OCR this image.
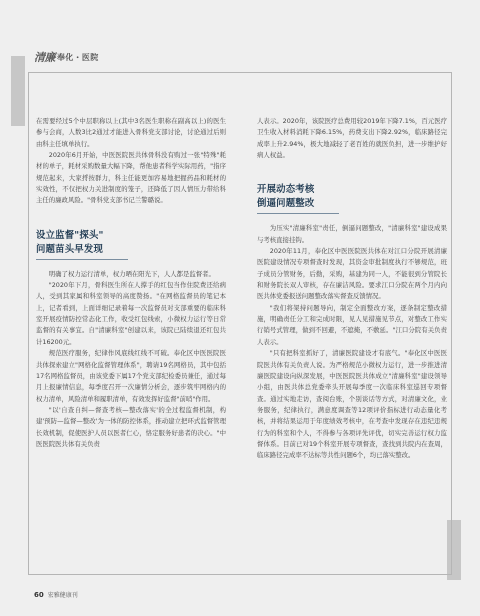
清廉 奉化・医院

在需要经过5个中层职称以上(其中3名医生职称在副高以上)的医生参与会商，人数3比2通过才能进入骨科党支部讨论，讨论通过后则由科主任填单执行。

2020年6月开始，中医医院医共体骨科没有购过一张"特殊"耗材的单子，耗材采购数量大幅下降，帮他患者科学实际用药，"指序规范起来，大家捋按群力，科主任能更加容易地把握药品和耗材的实效性，不仅把权力关进制度的笼子，还降低了因人情压力带给科主任的廉政风险。"骨科党支部书记兰警璐说。

设立监督"探头"
问题苗头早发现

明确了权力运行清单，权力晒在阳光下，人人都是监督者。

"2020年下月，骨科医生所在人撑手的红包当作住院费还给病人，受到其家属和科室领导的高度赞扬。"在网格监督员的笔记本上，记者看到，上面详细记录着每一次监督员对支部重要的临床科室开展疫情防控常态化工作，收受红包线索，小微权力运行等日常监督的有关事宜。自"清廉科室"创建以来，该院已陆续退还红包共计16200元。

规范医疗服务，纪律作风底线红线不可破。奉化区中医医院医共体探索建立"网格化监督管理体系"，聘请19名网格员，其中包括17名网格监督员，由该党委下属17个党支部纪检委员兼任，通过每月上报廉情信息，每季度召开一次廉情分析会，逐步筑牢网格内的权力清单，风险清单和履职清单，有效发挥好监督"前哨"作用。

"以'自查自纠—督查考核—整改落实'的全过程监督机制，构建'预防—监督—整改'为一体的防控体系，推动建立把环式监督管理长效机制，促使医护人员以医者仁心，恪定服务好患者的决心。"中医医院医共体有关负责

人表示。2020年，该院医疗总费用较2019年下降7.1%，百元医疗卫生收入材料消耗下降6.15%，药费支出下降2.92%，临床路径完成率上升2.94%，极大地减轻了老百姓的就医负担，进一步维护好病人权益。

开展动态考核
倒逼问题整改

为压实"清廉科室"责任，倒逼问题整改，"清廉科室"建设成果与考核直接挂钩。

2020年11月，奉化区中医医院医共体在对江口分院开展清廉医院建设情况专项督查时发现，其资金审批制度执行不够规范，班子成员分管财务，后勤，采购，基建为同一人，不能很到分管院长和财务院长双人审核，存在廉洁风险。要求江口分院在两个月内向医共体党委报送问题整改落实督查反馈情况。

"我们将架持问题导向，制定全面整改方案，逐条制定整改措施，明确责任分工和完成时限，见人见措施见节点，对整改工作实行销号式管理，做到不回避，不遮掩，不敷延。"江口分院有关负责人表示。

"只有把科室抓好了，清廉医院建设才有底气。"奉化区中医医院医共体有关负责人说。为严格规范小微权力运行，进一步推进清廉医院建设向纵深发展，中医医院医共体成立"清廉科室"建设领导小组，由医共体总党委牵头开展每季度一次临床科室巡回专项督查。通过实地走访，查阅台账，个别谈话等方式，对清廉文化，业务服务，纪律执行，满意度调查等12项评价指标进行动态量化考核，并将结果运用于年度绩效考核中，在考查中发现存在违纪违规行为的科室和个人，不得参与各项评先评优，切实完善运行权力监督体系。目前已对19个科室开展专项督查，查找到共院内在查周，临床路径完成率不达标等共性问题6个，均已落实整改。

60 宏雅健康刊
